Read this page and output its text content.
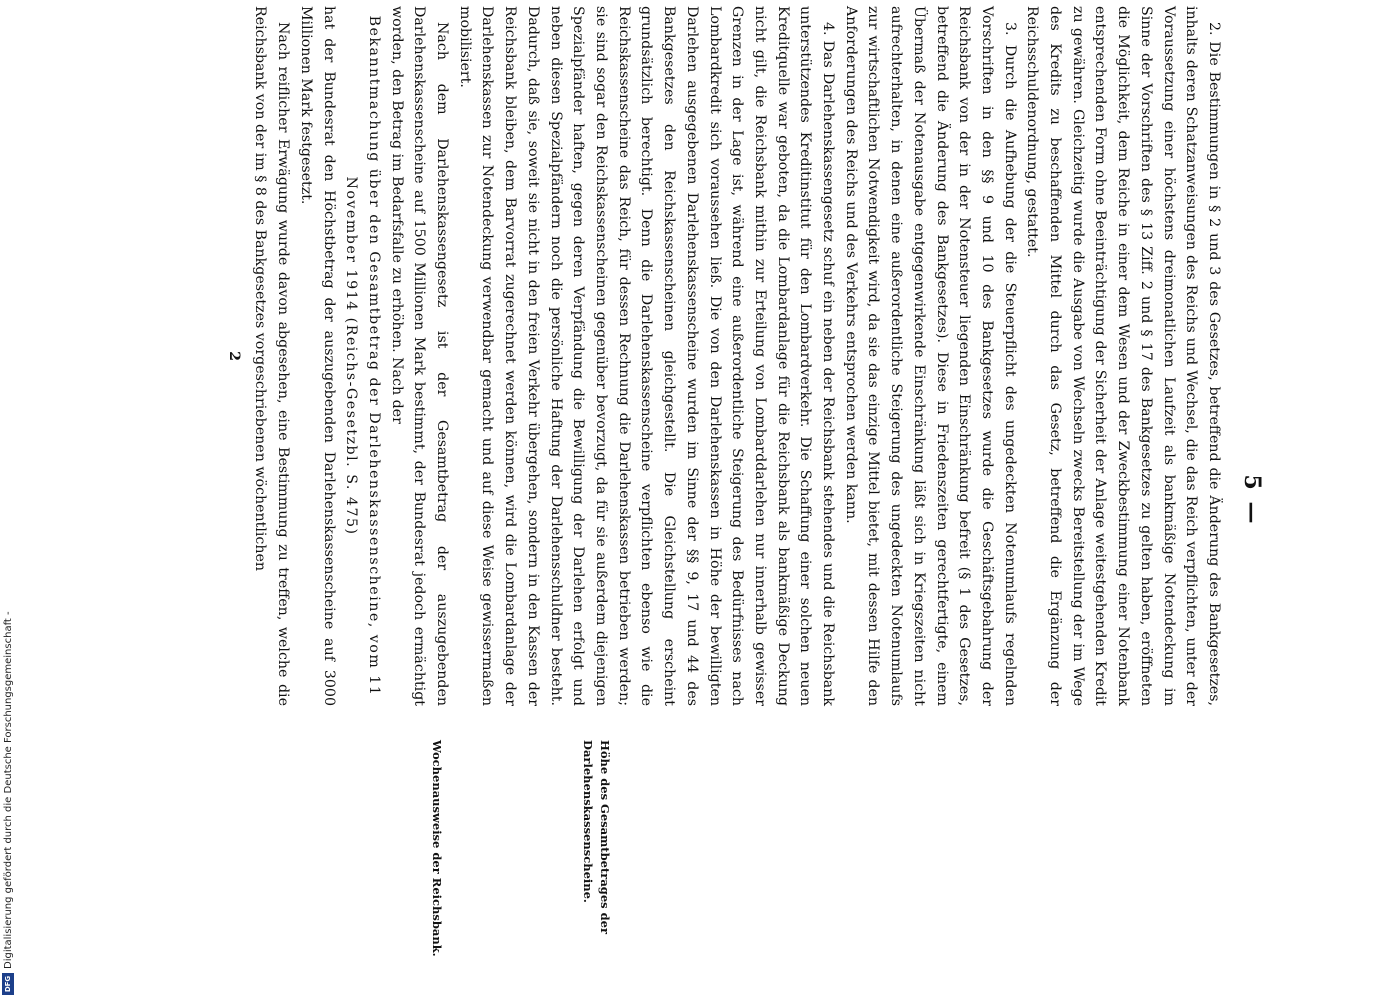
5 —

2. Die Bestimmungen in § 2 und 3 des Gesetzes, betreffend die Änderung des Bankgesetzes, inhalts deren Schatzanweisungen des Reichs und Wechsel, die das Reich verpflichten, unter der Voraussetzung einer höchstens dreimonatlichen Laufzeit als bankmäßige Notendeckung im Sinne der Vorschriften des § 13 Ziff. 2 und § 17 des Bankgesetzes zu gelten haben, eröffneten die Möglichkeit, dem Reiche in einer dem Wesen und der Zweckbestimmung einer Notenbank entsprechenden Form ohne Beeinträchtigung der Sicherheit der Anlage weitestgehenden Kredit zu gewähren. Gleichzeitig wurde die Ausgabe von Wechseln zwecks Bereitstellung der im Wege des Kredits zu beschaffenden Mittel durch das Gesetz, betreffend die Ergänzung der Reichsschuldenordnung, gestattet.

3. Durch die Aufhebung der die Steuerpflicht des ungedeckten Notenumlaufs regelnden Vorschriften in den §§ 9 und 10 des Bankgesetzes wurde die Geschäftsgebahrung der Reichsbank von der in der Notensteuer liegenden Einschränkung befreit (§ 1 des Gesetzes, betreffend die Änderung des Bankgesetzes). Diese in Friedenszeiten gerechtfertigte, einem Übermaß der Notenausgabe entgegenwirkende Einschränkung läßt sich in Kriegszeiten nicht aufrechterhalten, in denen eine außerordentliche Steigerung des ungedeckten Notenumlaufs zur wirtschaftlichen Notwendigkeit wird, da sie das einzige Mittel bietet, mit dessen Hilfe den Anforderungen des Reichs und des Verkehrs entsprochen werden kann.

4. Das Darlehenskassengesetz schuf ein neben der Reichsbank stehendes und die Reichsbank unterstützendes Kreditinstitut für den Lombardverkehr. Die Schaffung einer solchen neuen Kreditquelle war geboten, da die Lombardanlage für die Reichsbank als bankmäßige Deckung nicht gilt, die Reichsbank mithin zur Erteilung von Lombarddarlehen nur innerhalb gewisser Grenzen in der Lage ist, während eine außerordentliche Steigerung des Bedürfnisses nach Lombardkredit sich voraussehen ließ. Die von den Darlehenskassen in Höhe der bewilligten Darlehen ausgegebenen Darlehenskassenscheine wurden im Sinne der §§ 9, 17 und 44 des Bankgesetzes den Reichskassenscheinen gleichgestellt. Die Gleichstellung erscheint grundsätzlich berechtigt. Denn die Darlehenskassenscheine verpflichten ebenso wie die Reichskassenscheine das Reich, für dessen Rechnung die Darlehenskassen betrieben werden; sie sind sogar den Reichskassenscheinen gegenüber bevorzugt, da für sie außerdem diejenigen Spezialpfänder haften, gegen deren Verpfändung die Bewilligung der Darlehen erfolgt und neben diesen Spezialpfändern noch die persönliche Haftung der Darlehensschuldner besteht. Dadurch, daß sie, soweit sie nicht in den freien Verkehr übergehen, sondern in den Kassen der Reichsbank bleiben, dem Barvorrat zugerechnet werden können, wird die Lombardanlage der Darlehenskassen zur Notendeckung verwendbar gemacht und auf diese Weise gewissermaßen mobilisiert.

Nach dem Darlehenskassengesetz ist der Gesamtbetrag der auszugebenden Darlehenskassenscheine auf 1500 Millionen Mark bestimmt, der Bundesrat jedoch ermächtigt worden, den Betrag im Bedarfsfalle zu erhöhen. Nach der

Bekanntmachung über den Gesamtbetrag der Darlehenskassenscheine, vom 11 November 1914 (Reichs-Gesetzbl. S. 475)

hat der Bundesrat den Höchstbetrag der auszugebenden Darlehenskassenscheine auf 3000 Millionen Mark festgesetzt.

Nach reiflicher Erwägung wurde davon abgesehen, eine Bestimmung zu treffen, welche die Reichsbank von der im § 8 des Bankgesetzes vorgeschriebenen wöchentlichen

2

Höhe des Gesamtbetrages der Darlehenskassenscheine.
Wochenausweise der Reichsbank.
DFG
Digitalisierung gefördert durch die Deutsche Forschungsgemeinschaft -
